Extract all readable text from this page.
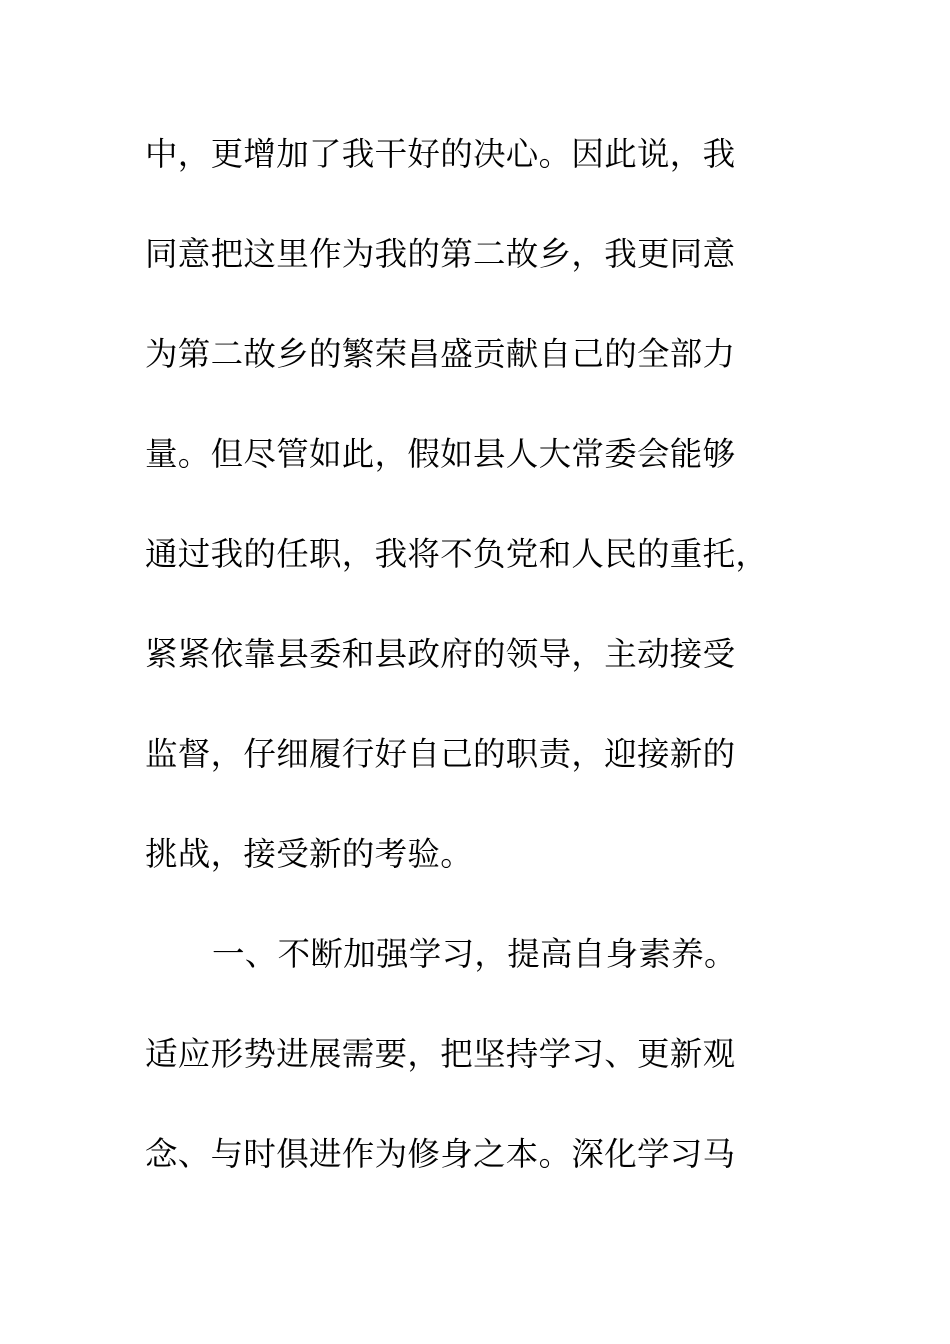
中，更增加了我干好的决心。因此说，我
同意把这里作为我的第二故乡，我更同意
为第二故乡的繁荣昌盛贡献自己的全部力
量。但尽管如此，假如县人大常委会能够
通过我的任职，我将不负党和人民的重托，
紧紧依靠县委和县政府的领导，主动接受
监督，仔细履行好自己的职责，迎接新的
挑战，接受新的考验。
一、不断加强学习，提高自身素养。
适应形势进展需要，把坚持学习、更新观
念、与时俱进作为修身之本。深化学习马
